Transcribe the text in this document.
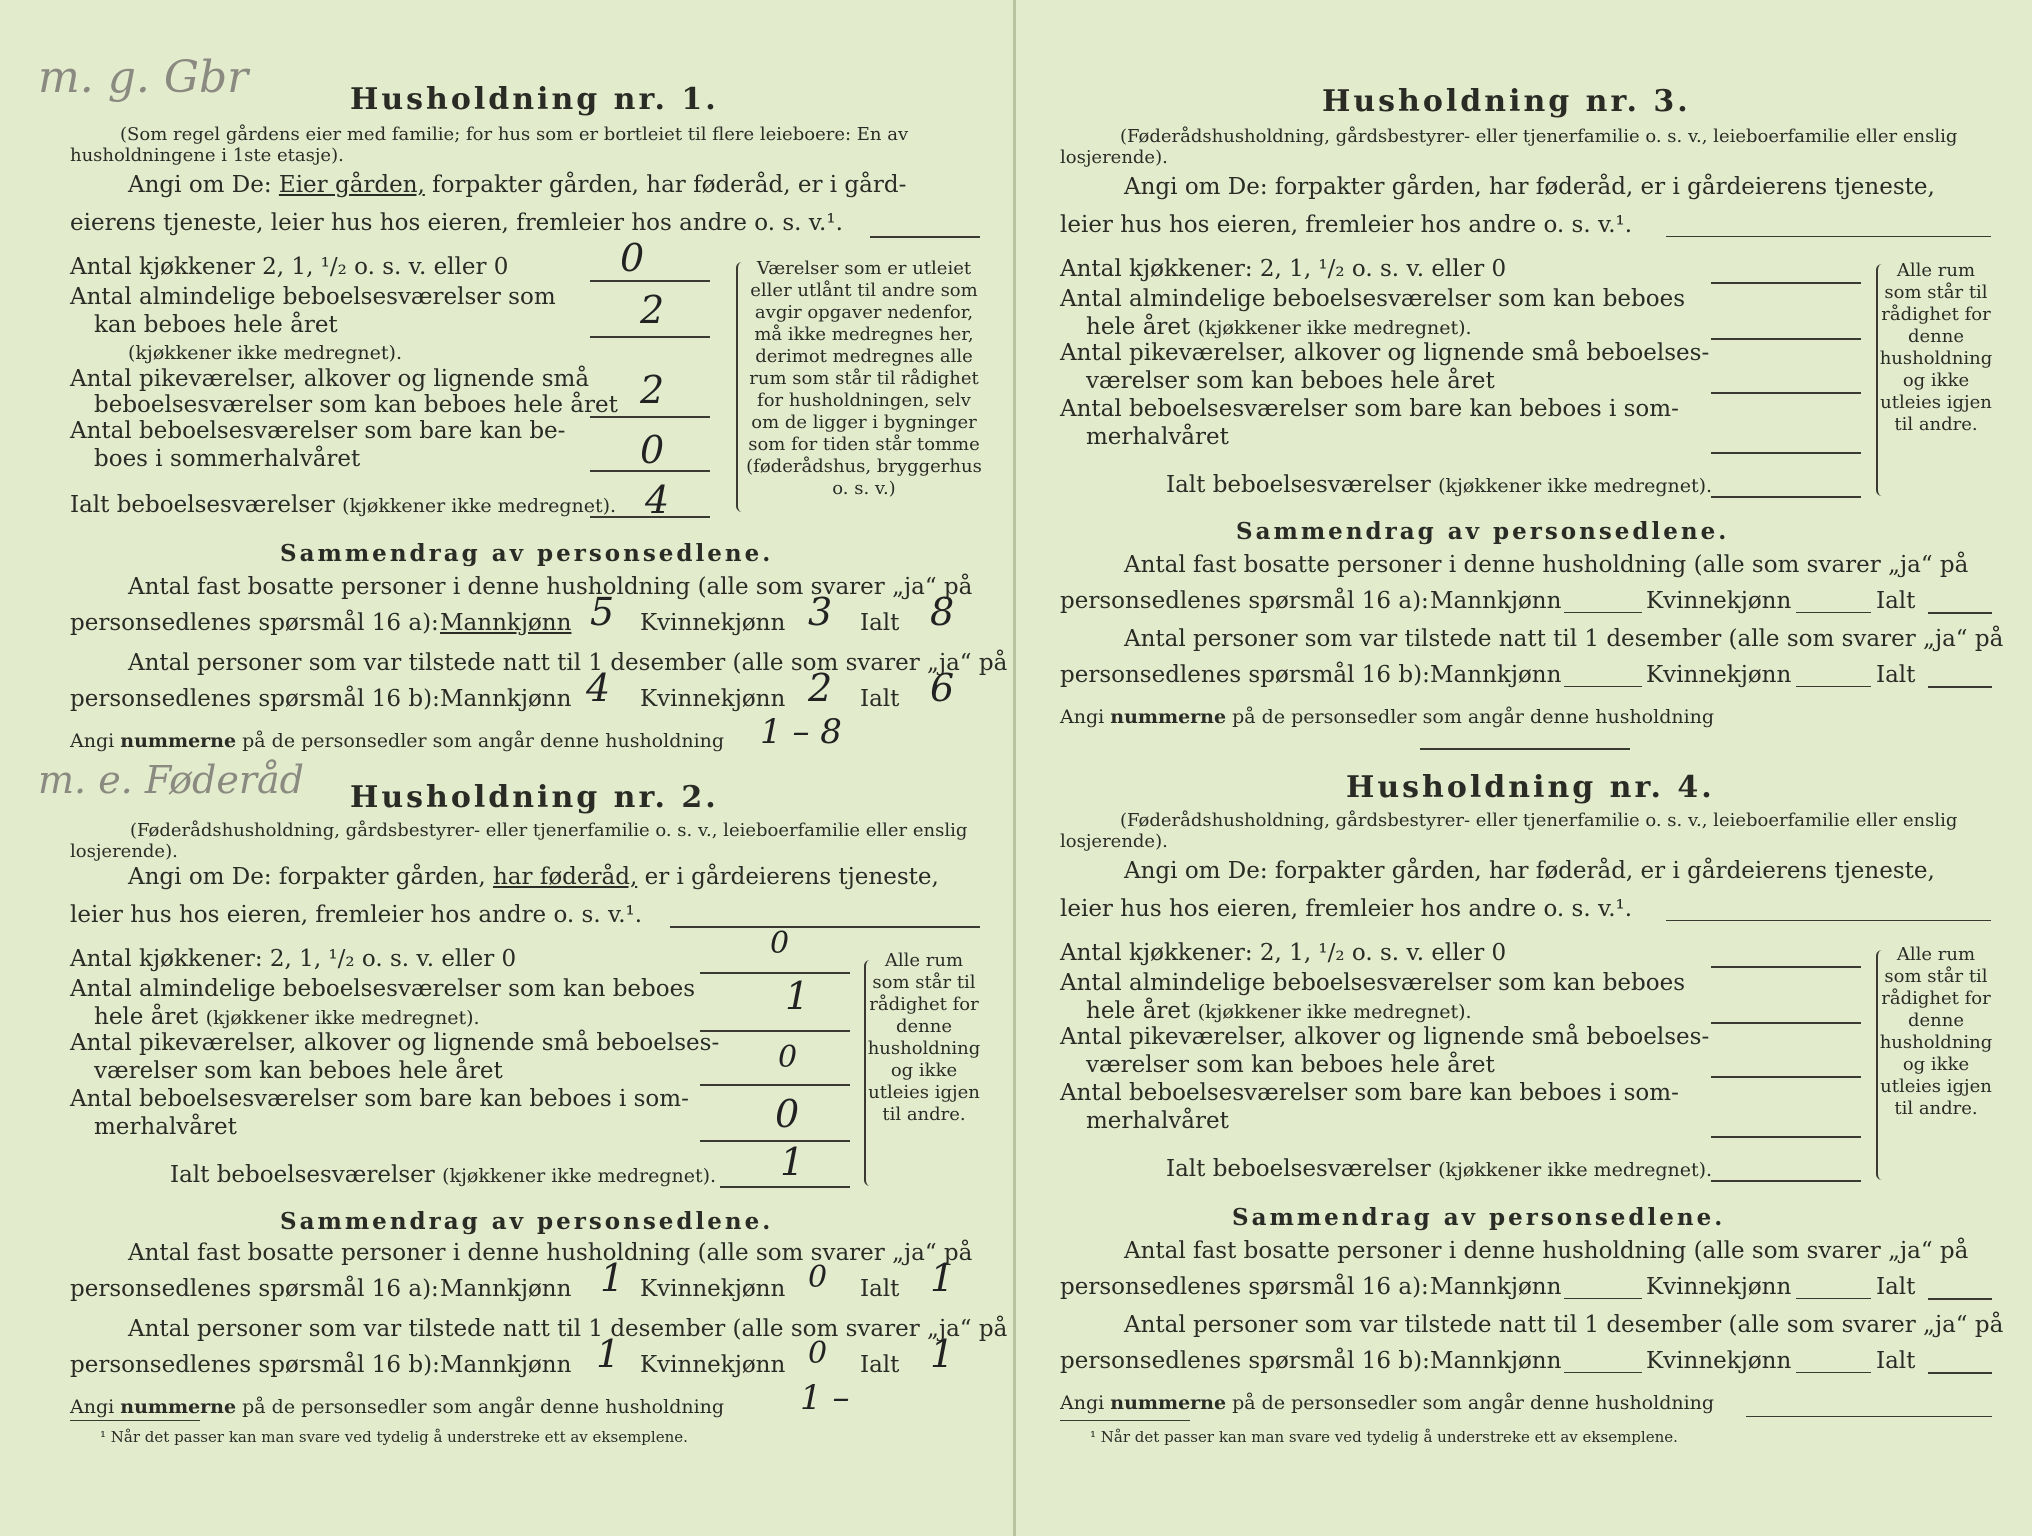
m. g. Gbr	Husholdning nr. 1.
(Som regel gårdens eier med familie; for hus som er bortleiet til flere leieboere: En av husholdningene i 1ste etasje).
Angi om De: Eier gården, forpakter gården, har føderåd, er i gård-
eierens tjeneste, leier hus hos eieren, fremleier hos andre o. s. v.¹.
Antal kjøkkener 2, 1, ¹/₂ o. s. v. eller 0	0
Antal almindelige beboelsesværelser som
kan beboes hele året
(kjøkkener ikke medregnet).
2
Antal pikeværelser, alkover og lignende små
beboelsesværelser som kan beboes hele året 2
Antal beboelsesværelser som bare kan be-
boes i sommerhalvåret	0
Ialt beboelsesværelser (kjøkkener ikke medregnet). 4
Værelser som er utleiet eller utlånt til andre som avgir opgaver nedenfor, må ikke medregnes her, derimot medregnes alle rum som står til rådighet for husholdningen, selv om de ligger i bygninger som for tiden står tomme (føderådshus, bryggerhus o. s. v.)
Sammendrag av personsedlene.
Antal fast bosatte personer i denne husholdning (alle som svarer „ja“ på
personsedlenes spørsmål 16 a): Mannkjønn 5 Kvinnekjønn 3 Ialt 8
Antal personer som var tilstede natt til 1 desember (alle som svarer „ja“ på
personsedlenes spørsmål 16 b): Mannkjønn 4 Kvinnekjønn 2 Ialt 6
Angi nummerne på de personsedler som angår denne husholdning 1 – 8
m. e. Føderåd Husholdning nr. 2.
(Føderådshusholdning, gårdsbestyrer- eller tjenerfamilie o. s. v., leieboerfamilie eller enslig losjerende).
Angi om De: forpakter gården, har føderåd, er i gårdeierens tjeneste,
leier hus hos eieren, fremleier hos andre o. s. v.¹.
Antal kjøkkener: 2, 1, ¹/₂ o. s. v. eller 0	0
Antal almindelige beboelsesværelser som kan beboes
hele året (kjøkkener ikke medregnet).	1
Antal pikeværelser, alkover og lignende små beboelses-
værelser som kan beboes hele året	0
Antal beboelsesværelser som bare kan beboes i som-
merhalvåret	0
Ialt beboelsesværelser (kjøkkener ikke medregnet). 1
Alle rum som står til rådighet for denne husholdning og ikke utleies igjen til andre.
Sammendrag av personsedlene.
Antal fast bosatte personer i denne husholdning (alle som svarer „ja“ på
personsedlenes spørsmål 16 a): Mannkjønn 1 Kvinnekjønn 0 Ialt 1
Antal personer som var tilstede natt til 1 desember (alle som svarer „ja“ på
personsedlenes spørsmål 16 b): Mannkjønn 1 Kvinnekjønn 0 Ialt 1
Angi nummerne på de personsedler som angår denne husholdning 1 –
¹ Når det passer kan man svare ved tydelig å understreke ett av eksemplene.
Husholdning nr. 3.
(Føderådshusholdning, gårdsbestyrer- eller tjenerfamilie o. s. v., leieboerfamilie eller enslig losjerende).
Angi om De: forpakter gården, har føderåd, er i gårdeierens tjeneste,
leier hus hos eieren, fremleier hos andre o. s. v.¹.
Antal kjøkkener: 2, 1, ¹/₂ o. s. v. eller 0
Antal almindelige beboelsesværelser som kan beboes
hele året (kjøkkener ikke medregnet).
Antal pikeværelser, alkover og lignende små beboelses-
værelser som kan beboes hele året
Antal beboelsesværelser som bare kan beboes i som-
merhalvåret
Ialt beboelsesværelser (kjøkkener ikke medregnet).
Alle rum som står til rådighet for denne husholdning og ikke utleies igjen til andre.
Sammendrag av personsedlene.
Antal fast bosatte personer i denne husholdning (alle som svarer „ja“ på
personsedlenes spørsmål 16 a): Mannkjønn	Kvinnekjønn	Ialt
Antal personer som var tilstede natt til 1 desember (alle som svarer „ja“ på
personsedlenes spørsmål 16 b): Mannkjønn	Kvinnekjønn	Ialt
Angi nummerne på de personsedler som angår denne husholdning
Husholdning nr. 4.
(Føderådshusholdning, gårdsbestyrer- eller tjenerfamilie o. s. v., leieboerfamilie eller enslig losjerende).
Angi om De: forpakter gården, har føderåd, er i gårdeierens tjeneste,
leier hus hos eieren, fremleier hos andre o. s. v.¹.
Antal kjøkkener: 2, 1, ¹/₂ o. s. v. eller 0
Antal almindelige beboelsesværelser som kan beboes
hele året (kjøkkener ikke medregnet).
Antal pikeværelser, alkover og lignende små beboelses-
værelser som kan beboes hele året
Antal beboelsesværelser som bare kan beboes i som-
merhalvåret
Ialt beboelsesværelser (kjøkkener ikke medregnet).
Alle rum som står til rådighet for denne husholdning og ikke utleies igjen til andre.
Sammendrag av personsedlene.
Antal fast bosatte personer i denne husholdning (alle som svarer „ja“ på
personsedlenes spørsmål 16 a): Mannkjønn	Kvinnekjønn	Ialt
Antal personer som var tilstede natt til 1 desember (alle som svarer „ja“ på
personsedlenes spørsmål 16 b): Mannkjønn	Kvinnekjønn	Ialt
Angi nummerne på de personsedler som angår denne husholdning
¹ Når det passer kan man svare ved tydelig å understreke ett av eksemplene.
